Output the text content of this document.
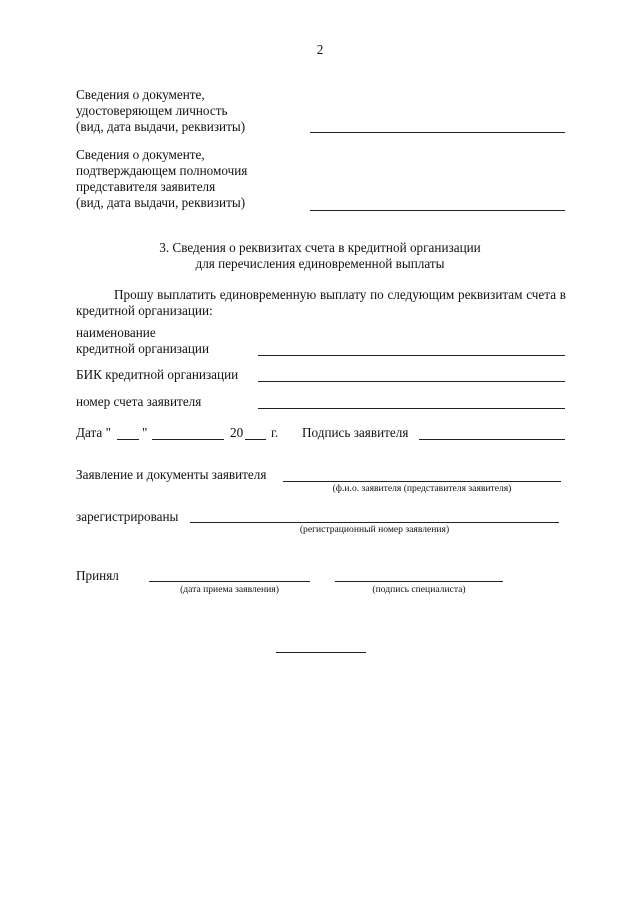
2
Сведения о документе,
удостоверяющем личность
(вид, дата выдачи, реквизиты)
Сведения о документе,
подтверждающем полномочия
представителя заявителя
(вид, дата выдачи, реквизиты)
3. Сведения о реквизитах счета в кредитной организации
для перечисления единовременной выплаты
Прошу выплатить единовременную выплату по следующим реквизитам счета в кредитной организации:
наименование
кредитной организации
БИК кредитной организации
номер счета заявителя
Дата " "	20 г. Подпись заявителя
Заявление и документы заявителя
(ф.и.о. заявителя (представителя заявителя)
зарегистрированы
(регистрационный номер заявления)
Принял
(дата приема заявления)	(подпись специалиста)
